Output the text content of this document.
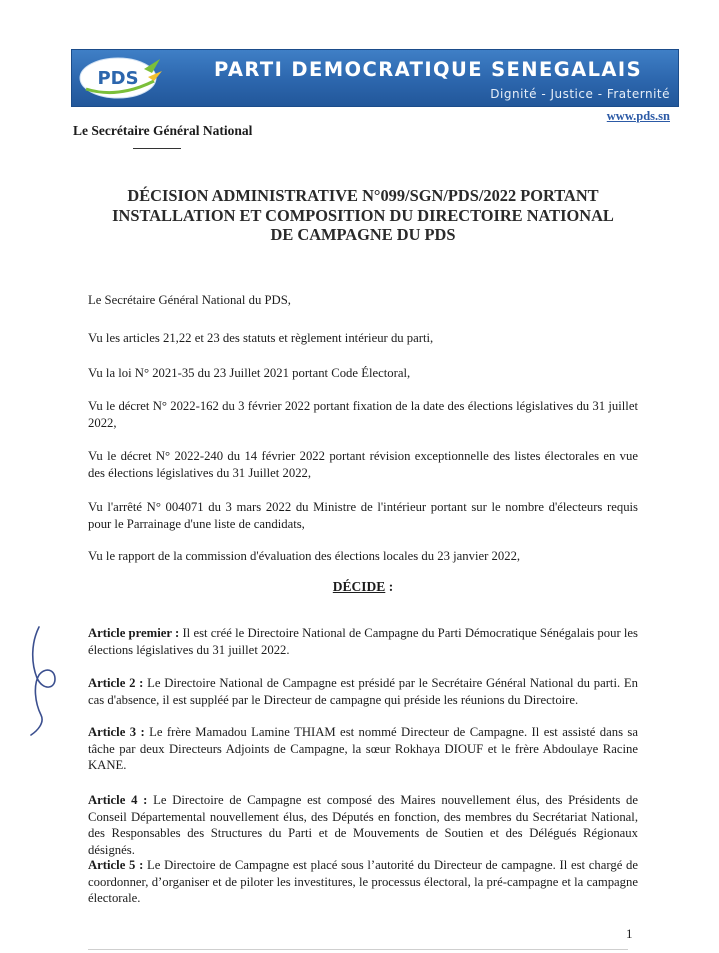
PDS	PARTI DEMOCRATIQUE SENEGALAIS
Dignité - Justice - Fraternité
www.pds.sn
Le Secrétaire Général National
DÉCISION ADMINISTRATIVE N°099/SGN/PDS/2022 PORTANT
INSTALLATION ET COMPOSITION DU DIRECTOIRE NATIONAL
DE CAMPAGNE DU PDS

Le Secrétaire Général National du PDS,

Vu les articles 21,22 et 23 des statuts et règlement intérieur du parti,

Vu la loi N° 2021-35 du 23 Juillet 2021 portant Code Électoral,

Vu le décret N° 2022-162 du 3 février 2022 portant fixation de la date des élections législatives du 31 juillet 2022,

Vu le décret N° 2022-240 du 14 février 2022 portant révision exceptionnelle des listes électorales en vue des élections législatives du 31 Juillet 2022,

Vu l'arrêté N° 004071 du 3 mars 2022 du Ministre de l'intérieur portant sur le nombre d'électeurs requis pour le Parrainage d'une liste de candidats,

Vu le rapport de la commission d'évaluation des élections locales du 23 janvier 2022,

DÉCIDE :

Article premier : Il est créé le Directoire National de Campagne du Parti Démocratique Sénégalais pour les élections législatives du 31 juillet 2022.

Article 2 : Le Directoire National de Campagne est présidé par le Secrétaire Général National du parti. En cas d'absence, il est suppléé par le Directeur de campagne qui préside les réunions du Directoire.

Article 3 : Le frère Mamadou Lamine THIAM est nommé Directeur de Campagne. Il est assisté dans sa tâche par deux Directeurs Adjoints de Campagne, la sœur Rokhaya DIOUF et le frère Abdoulaye Racine KANE.

Article 4 : Le Directoire de Campagne est composé des Maires nouvellement élus, des Présidents de Conseil Départemental nouvellement élus, des Députés en fonction, des membres du Secrétariat National, des Responsables des Structures du Parti et de Mouvements de Soutien et des Délégués Régionaux désignés.

Article 5 : Le Directoire de Campagne est placé sous l’autorité du Directeur de campagne. Il est chargé de coordonner, d’organiser et de piloter les investitures, le processus électoral, la pré-campagne et la campagne électorale.

1
